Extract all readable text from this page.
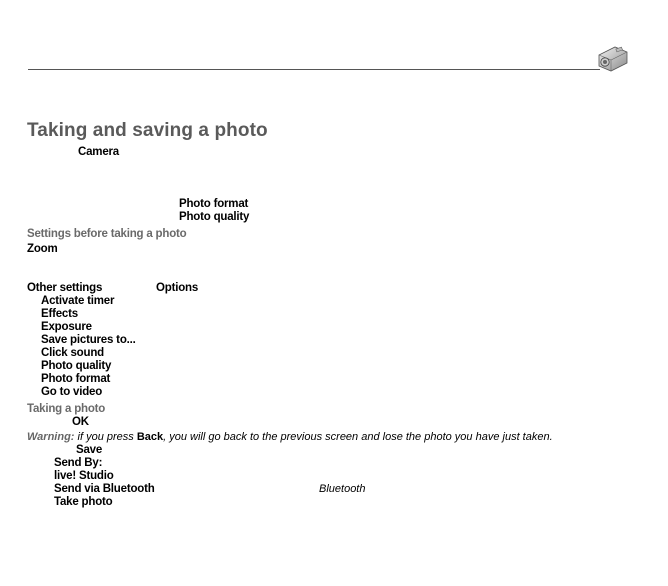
Taking and saving a photo
Camera
Photo format
Photo quality
Settings before taking a photo
Zoom
Other settings	Options
Activate timer
Effects
Exposure
Save pictures to...
Click sound
Photo quality
Photo format
Go to video
Taking a photo
OK
Warning: if you press Back, you will go back to the previous screen and lose the photo you have just taken.
Save
Send By:
live! Studio
Send via Bluetooth	Bluetooth
Take photo
